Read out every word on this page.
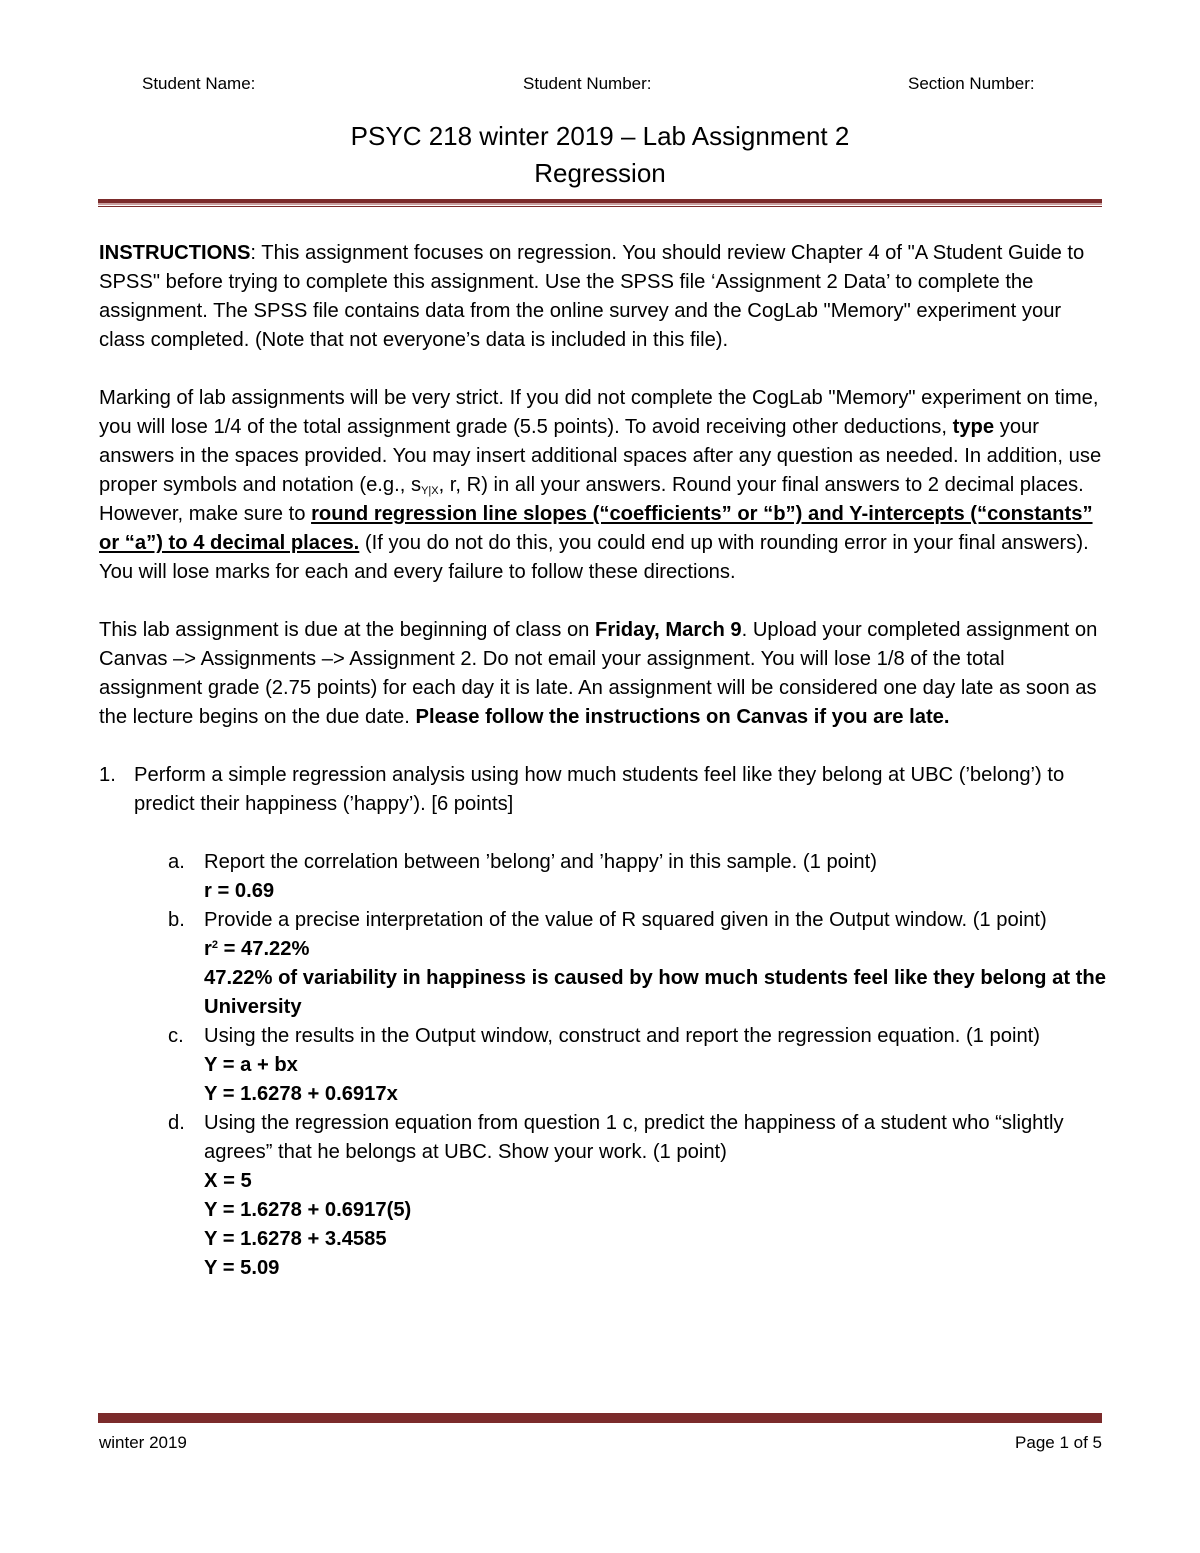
Student Name:	Student Number:	Section Number:
PSYC 218 winter 2019 – Lab Assignment 2
Regression

INSTRUCTIONS: This assignment focuses on regression. You should review Chapter 4 of "A Student Guide to SPSS" before trying to complete this assignment. Use the SPSS file ‘Assignment 2 Data’ to complete the assignment. The SPSS file contains data from the online survey and the CogLab "Memory" experiment your class completed. (Note that not everyone’s data is included in this file).

Marking of lab assignments will be very strict. If you did not complete the CogLab "Memory" experiment on time, you will lose 1/4 of the total assignment grade (5.5 points). To avoid receiving other deductions, type your answers in the spaces provided. You may insert additional spaces after any question as needed. In addition, use proper symbols and notation (e.g., $s_{Y|X}$, r, R) in all your answers. Round your final answers to 2 decimal places. However, make sure to round regression line slopes (“coefficients” or “b”) and Y-intercepts (“constants” or “a”) to 4 decimal places. (If you do not do this, you could end up with rounding error in your final answers). You will lose marks for each and every failure to follow these directions.

This lab assignment is due at the beginning of class on Friday, March 9. Upload your completed assignment on Canvas –> Assignments –> Assignment 2. Do not email your assignment. You will lose 1/8 of the total assignment grade (2.75 points) for each day it is late. An assignment will be considered one day late as soon as the lecture begins on the due date. Please follow the instructions on Canvas if you are late.

1. Perform a simple regression analysis using how much students feel like they belong at UBC (’belong’) to predict their happiness (’happy’). [6 points]
a. Report the correlation between ’belong’ and ’happy’ in this sample. (1 point)
r = 0.69
b. Provide a precise interpretation of the value of R squared given in the Output window. (1 point)
$r^2 = 47.22\%$
47.22% of variability in happiness is caused by how much students feel like they belong at the University
c. Using the results in the Output window, construct and report the regression equation. (1 point)
Y = a + bx
Y = 1.6278 + 0.6917x
d. Using the regression equation from question 1 c, predict the happiness of a student who “slightly agrees” that he belongs at UBC. Show your work. (1 point)
X = 5
Y = 1.6278 + 0.6917(5)
Y = 1.6278 + 3.4585
Y = 5.09
winter 2019	Page 1 of 5
